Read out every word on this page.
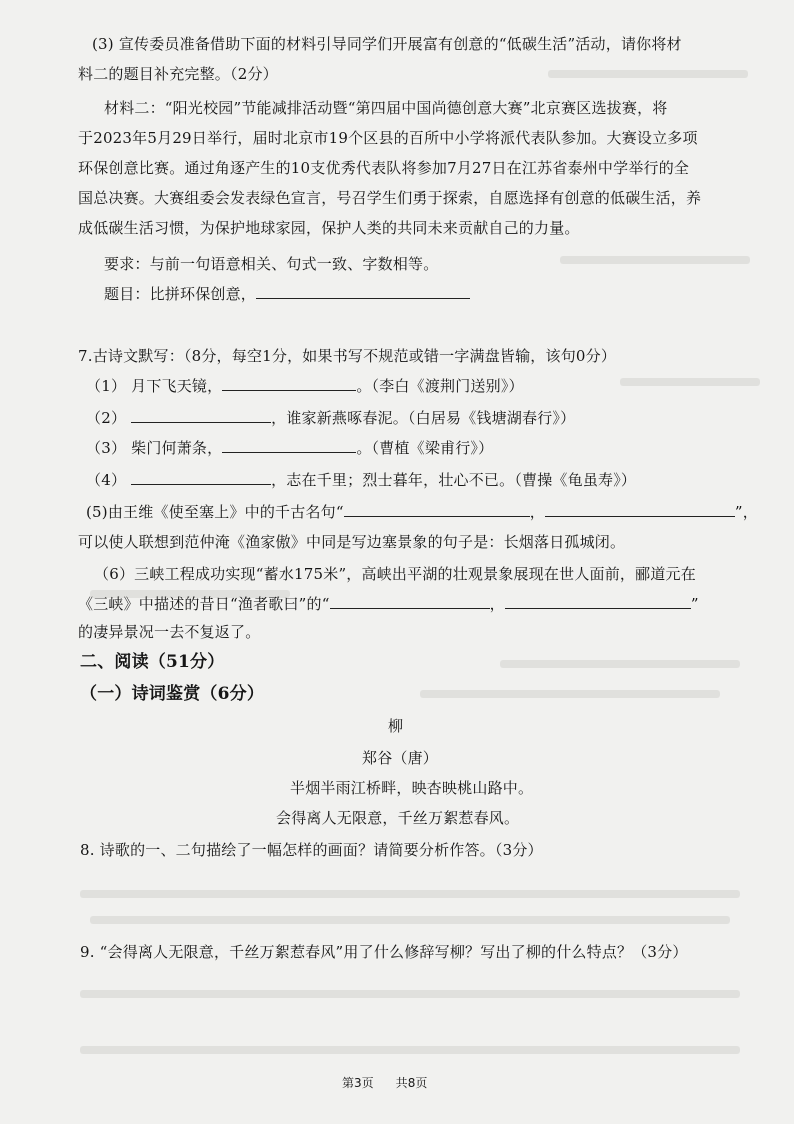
(3) 宣传委员准备借助下面的材料引导同学们开展富有创意的“低碳生活”活动，请你将材
料二的题目补充完整。（2分）
材料二：“阳光校园”节能减排活动暨“第四届中国尚德创意大赛”北京赛区选拔赛，将
于2023年5月29日举行，届时北京市19个区县的百所中小学将派代表队参加。大赛设立多项
环保创意比赛。通过角逐产生的10支优秀代表队将参加7月27日在江苏省泰州中学举行的全
国总决赛。大赛组委会发表绿色宣言，号召学生们勇于探索，自愿选择有创意的低碳生活，养
成低碳生活习惯，为保护地球家园，保护人类的共同未来贡献自己的力量。
要求：与前一句语意相关、句式一致、字数相等。
题目：比拼环保创意，
7.古诗文默写：（8分，每空1分，如果书写不规范或错一字满盘皆输，该句0分）
（1） 月下飞天镜，	。（李白《渡荆门送别》）
（2）	，谁家新燕啄春泥。（白居易《钱塘湖春行》）
（3） 柴门何萧条，	。（曹植《梁甫行》）
（4）	，志在千里；烈士暮年，壮心不已。（曹操《龟虽寿》）
(5)由王维《使至塞上》中的千古名句“	，	”，
可以使人联想到范仲淹《渔家傲》中同是写边塞景象的句子是：长烟落日孤城闭。
（6）三峡工程成功实现“蓄水175米”，高峡出平湖的壮观景象展现在世人面前，郦道元在
《三峡》中描述的昔日“渔者歌曰”的“	，	”
的凄异景况一去不复返了。
二、阅读（51分）
（一）诗词鉴赏（6分）
柳
郑谷（唐）
半烟半雨江桥畔，映杏映桃山路中。
会得离人无限意，千丝万絮惹春风。
8. 诗歌的一、二句描绘了一幅怎样的画面？请简要分析作答。（3分）
9. “会得离人无限意，千丝万絮惹春风”用了什么修辞写柳？写出了柳的什么特点？（3分）
第3页 共8页
